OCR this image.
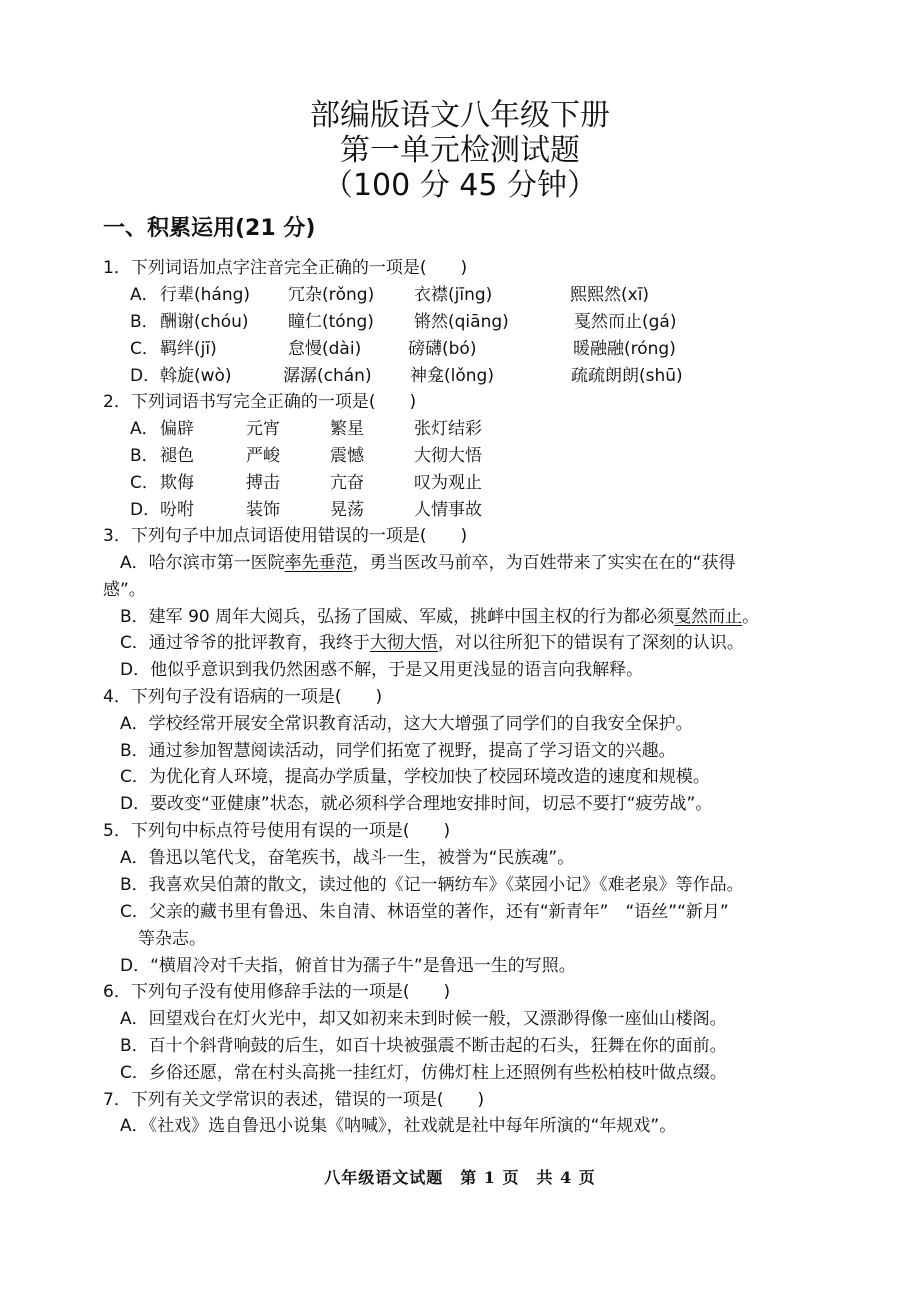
部编版语文八年级下册
第一单元检测试题
（100 分 45 分钟）
一、积累运用(21 分)
1．下列词语加点字注音完全正确的一项是(　　)
A． 行辈(háng) 冗杂(rǒng) 衣襟(jīng)	熙熙然(xī)
B． 酬谢(chóu) 瞳仁(tóng) 锵然(qiāng)	戛然而止(gá)
C． 羁绊(jī)	怠慢(dài)	磅礴(bó)	暖融融(róng)
D． 斡旋(wò)	潺潺(chán) 神龛(lǒng)	疏疏朗朗(shū)
2．下列词语书写完全正确的一项是(　　)
A． 偏辟	元宵	繁星	张灯结彩
B． 褪色	严峻	震憾	大彻大悟
C． 欺侮	搏击	亢奋	叹为观止
D． 吩咐	装饰	晃荡	人情事故
3．下列句子中加点词语使用错误的一项是(　　)
A．哈尔滨市第一医院率先垂范，勇当医改马前卒，为百姓带来了实实在在的“获得
感”。
B．建军 90 周年大阅兵，弘扬了国威、军威，挑衅中国主权的行为都必须戛然而止。
C．通过爷爷的批评教育，我终于大彻大悟，对以往所犯下的错误有了深刻的认识。
D．他似乎意识到我仍然困惑不解，于是又用更浅显的语言向我解释。
4．下列句子没有语病的一项是(　　)
A．学校经常开展安全常识教育活动，这大大增强了同学们的自我安全保护。
B．通过参加智慧阅读活动，同学们拓宽了视野，提高了学习语文的兴趣。
C．为优化育人环境，提高办学质量，学校加快了校园环境改造的速度和规模。
D．要改变“亚健康”状态，就必须科学合理地安排时间，切忌不要打“疲劳战”。
5．下列句中标点符号使用有误的一项是(　　)
A．鲁迅以笔代戈，奋笔疾书，战斗一生，被誉为“民族魂”。
B．我喜欢吴伯萧的散文，读过他的《记一辆纺车》《菜园小记》《难老泉》等作品。
C．父亲的藏书里有鲁迅、朱自清、林语堂的著作，还有“新青年”　“语丝”“新月”
等杂志。
D．“横眉冷对千夫指，俯首甘为孺子牛”是鲁迅一生的写照。
6．下列句子没有使用修辞手法的一项是(　　)
A．回望戏台在灯火光中，却又如初来未到时候一般，又漂渺得像一座仙山楼阁。
B．百十个斜背响鼓的后生，如百十块被强震不断击起的石头，狂舞在你的面前。
C．乡俗还愿，常在村头高挑一挂红灯，仿佛灯柱上还照例有些松柏枝叶做点缀。
7．下列有关文学常识的表述，错误的一项是(　　)
A．《社戏》选自鲁迅小说集《呐喊》，社戏就是社中每年所演的“年规戏”。
八年级语文试题　第 1 页　共 4 页
